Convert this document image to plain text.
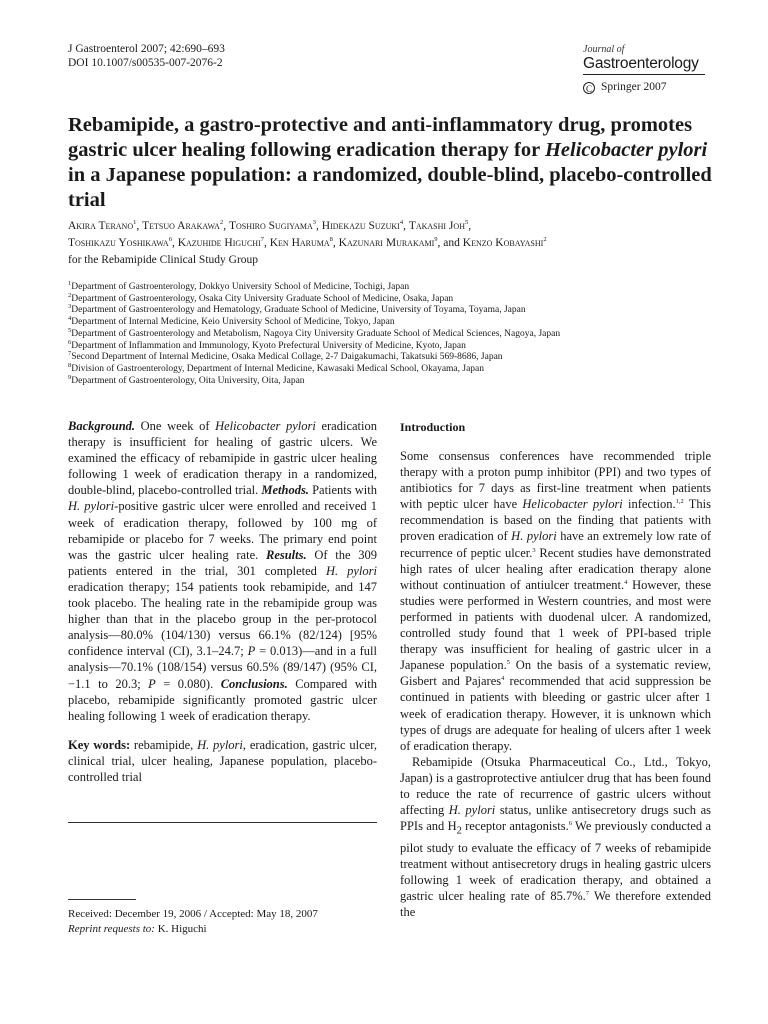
J Gastroenterol 2007; 42:690–693
DOI 10.1007/s00535-007-2076-2
Journal of
Gastroenterology
C Springer 2007
Rebamipide, a gastro-protective and anti-inflammatory drug, promotes gastric ulcer healing following eradication therapy for Helicobacter pylori in a Japanese population: a randomized, double-blind, placebo-controlled trial
Akira Terano$^1$, Tetsuo Arakawa$^2$, Toshiro Sugiyama$^3$, Hidekazu Suzuki$^4$, Takashi Joh$^5$,
Toshikazu Yoshikawa$^6$, Kazuhide Higuchi$^7$, Ken Haruma$^8$, Kazunari Murakami$^9$, and Kenzo Kobayashi$^2$
for the Rebamipide Clinical Study Group
$^1$Department of Gastroenterology, Dokkyo University School of Medicine, Tochigi, Japan
$^2$Department of Gastroenterology, Osaka City University Graduate School of Medicine, Osaka, Japan
$^3$Department of Gastroenterology and Hematology, Graduate School of Medicine, University of Toyama, Toyama, Japan
$^4$Department of Internal Medicine, Keio University School of Medicine, Tokyo, Japan
$^5$Department of Gastroenterology and Metabolism, Nagoya City University Graduate School of Medical Sciences, Nagoya, Japan
$^6$Department of Inflammation and Immunology, Kyoto Prefectural University of Medicine, Kyoto, Japan
$^7$Second Department of Internal Medicine, Osaka Medical Collage, 2-7 Daigakumachi, Takatsuki 569-8686, Japan
$^8$Division of Gastroenterology, Department of Internal Medicine, Kawasaki Medical School, Okayama, Japan
$^9$Department of Gastroenterology, Oita University, Oita, Japan

Background. One week of Helicobacter pylori eradication therapy is insufficient for healing of gastric ulcers. We examined the efficacy of rebamipide in gastric ulcer healing following 1 week of eradication therapy in a randomized, double-blind, placebo-controlled trial. Methods. Patients with H. pylori-positive gastric ulcer were enrolled and received 1 week of eradication therapy, followed by 100 mg of rebamipide or placebo for 7 weeks. The primary end point was the gastric ulcer healing rate. Results. Of the 309 patients entered in the trial, 301 completed H. pylori eradication therapy; 154 patients took rebamipide, and 147 took placebo. The healing rate in the rebamipide group was higher than that in the placebo group in the per-protocol analysis—80.0% (104/130) versus 66.1% (82/124) [95% confidence interval (CI), 3.1–24.7; P = 0.013)—and in a full analysis—70.1% (108/154) versus 60.5% (89/147) (95% CI, −1.1 to 20.3; P = 0.080). Conclusions. Compared with placebo, rebamipide significantly promoted gastric ulcer healing following 1 week of eradication therapy.

Key words: rebamipide, H. pylori, eradication, gastric ulcer, clinical trial, ulcer healing, Japanese population, placebo-controlled trial

Received: December 19, 2006 / Accepted: May 18, 2007
Reprint requests to: K. Higuchi
Introduction

Some consensus conferences have recommended triple therapy with a proton pump inhibitor (PPI) and two types of antibiotics for 7 days as first-line treatment when patients with peptic ulcer have Helicobacter pylori infection.$^{1,2}$ This recommendation is based on the finding that patients with proven eradication of H. pylori have an extremely low rate of recurrence of peptic ulcer.$^3$ Recent studies have demonstrated high rates of ulcer healing after eradication therapy alone without continuation of antiulcer treatment.$^4$ However, these studies were performed in Western countries, and most were performed in patients with duodenal ulcer. A randomized, controlled study found that 1 week of PPI-based triple therapy was insufficient for healing of gastric ulcer in a Japanese population.$^5$ On the basis of a systematic review, Gisbert and Pajares$^4$ recommended that acid suppression be continued in patients with bleeding or gastric ulcer after 1 week of eradication therapy. However, it is unknown which types of drugs are adequate for healing of ulcers after 1 week of eradication therapy.

Rebamipide (Otsuka Pharmaceutical Co., Ltd., Tokyo, Japan) is a gastroprotective antiulcer drug that has been found to reduce the rate of recurrence of gastric ulcers without affecting H. pylori status, unlike antisecretory drugs such as PPIs and $H_2$ receptor antagonists.$^6$ We previously conducted a pilot study to evaluate the efficacy of 7 weeks of rebamipide treatment without antisecretory drugs in healing gastric ulcers following 1 week of eradication therapy, and obtained a gastric ulcer healing rate of 85.7%.$^7$ We therefore extended the
